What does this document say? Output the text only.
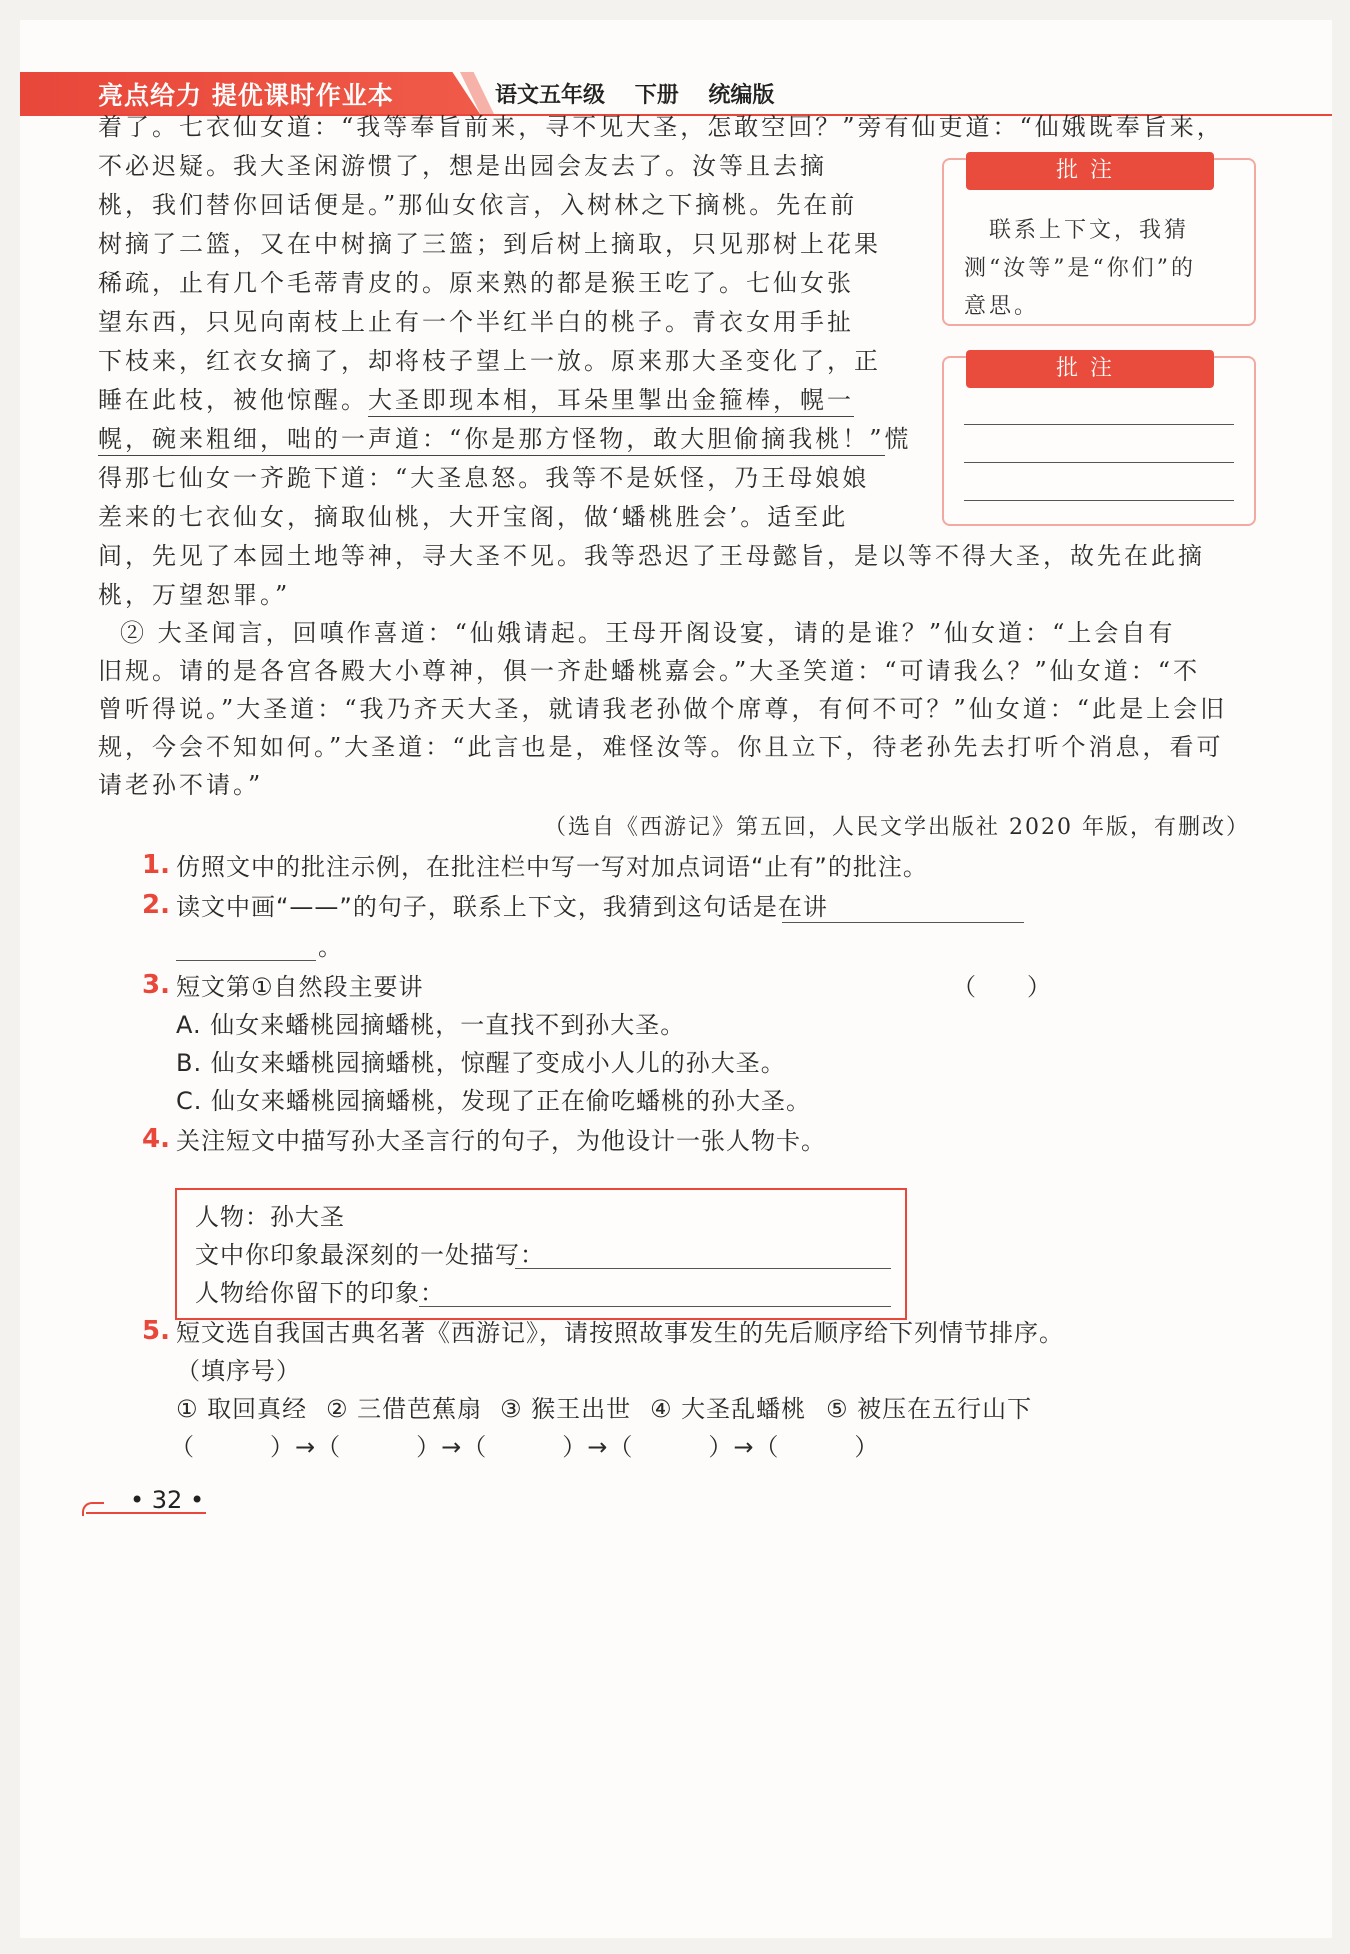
亮点给力 提优课时作业本	语文五年级 下册 统编版
着了。七衣仙女道：“我等奉旨前来，寻不见大圣，怎敢空回？”旁有仙吏道：“仙娥既奉旨来，
不必迟疑。我大圣闲游惯了，想是出园会友去了。汝等且去摘
桃，我们替你回话便是。”那仙女依言，入树林之下摘桃。先在前
树摘了二篮，又在中树摘了三篮；到后树上摘取，只见那树上花果
稀疏，止有几个毛蒂青皮的。原来熟的都是猴王吃了。七仙女张
望东西，只见向南枝上止有一个半红半白的桃子。青衣女用手扯
下枝来，红衣女摘了，却将枝子望上一放。原来那大圣变化了，正
睡在此枝，被他惊醒。大圣即现本相，耳朵里掣出金箍棒，幌一
幌，碗来粗细，咄的一声道：“你是那方怪物，敢大胆偷摘我桃！”慌
得那七仙女一齐跪下道：“大圣息怒。我等不是妖怪，乃王母娘娘
差来的七衣仙女，摘取仙桃，大开宝阁，做‘蟠桃胜会’。适至此
间，先见了本园土地等神，寻大圣不见。我等恐迟了王母懿旨，是以等不得大圣，故先在此摘
桃，万望恕罪。”
② 大圣闻言，回嗔作喜道：“仙娥请起。王母开阁设宴，请的是谁？”仙女道：“上会自有
旧规。请的是各宫各殿大小尊神，俱一齐赴蟠桃嘉会。”大圣笑道：“可请我么？”仙女道：“不
曾听得说。”大圣道：“我乃齐天大圣，就请我老孙做个席尊，有何不可？”仙女道：“此是上会旧
规，今会不知如何。”大圣道：“此言也是，难怪汝等。你且立下，待老孙先去打听个消息，看可
请老孙不请。”
（选自《西游记》第五回，人民文学出版社 2020 年版，有删改）
批注
　联系上下文，我猜
测“汝等”是“你们”的
意思。
批注
1. 仿照文中的批注示例，在批注栏中写一写对加点词语“止有”的批注。
2. 读文中画“——”的句子，联系上下文，我猜到这句话是在讲
。
3. 短文第①自然段主要讲	（　　）
A. 仙女来蟠桃园摘蟠桃，一直找不到孙大圣。
B. 仙女来蟠桃园摘蟠桃，惊醒了变成小人儿的孙大圣。
C. 仙女来蟠桃园摘蟠桃，发现了正在偷吃蟠桃的孙大圣。
4. 关注短文中描写孙大圣言行的句子，为他设计一张人物卡。
人物：孙大圣
文中你印象最深刻的一处描写：
人物给你留下的印象：
5. 短文选自我国古典名著《西游记》，请按照故事发生的先后顺序给下列情节排序。
（填序号）
① 取回真经 ② 三借芭蕉扇 ③ 猴王出世 ④ 大圣乱蟠桃 ⑤ 被压在五行山下
（　　　）→（　　　）→（　　　）→（　　　）→（　　　）
• 32 •
